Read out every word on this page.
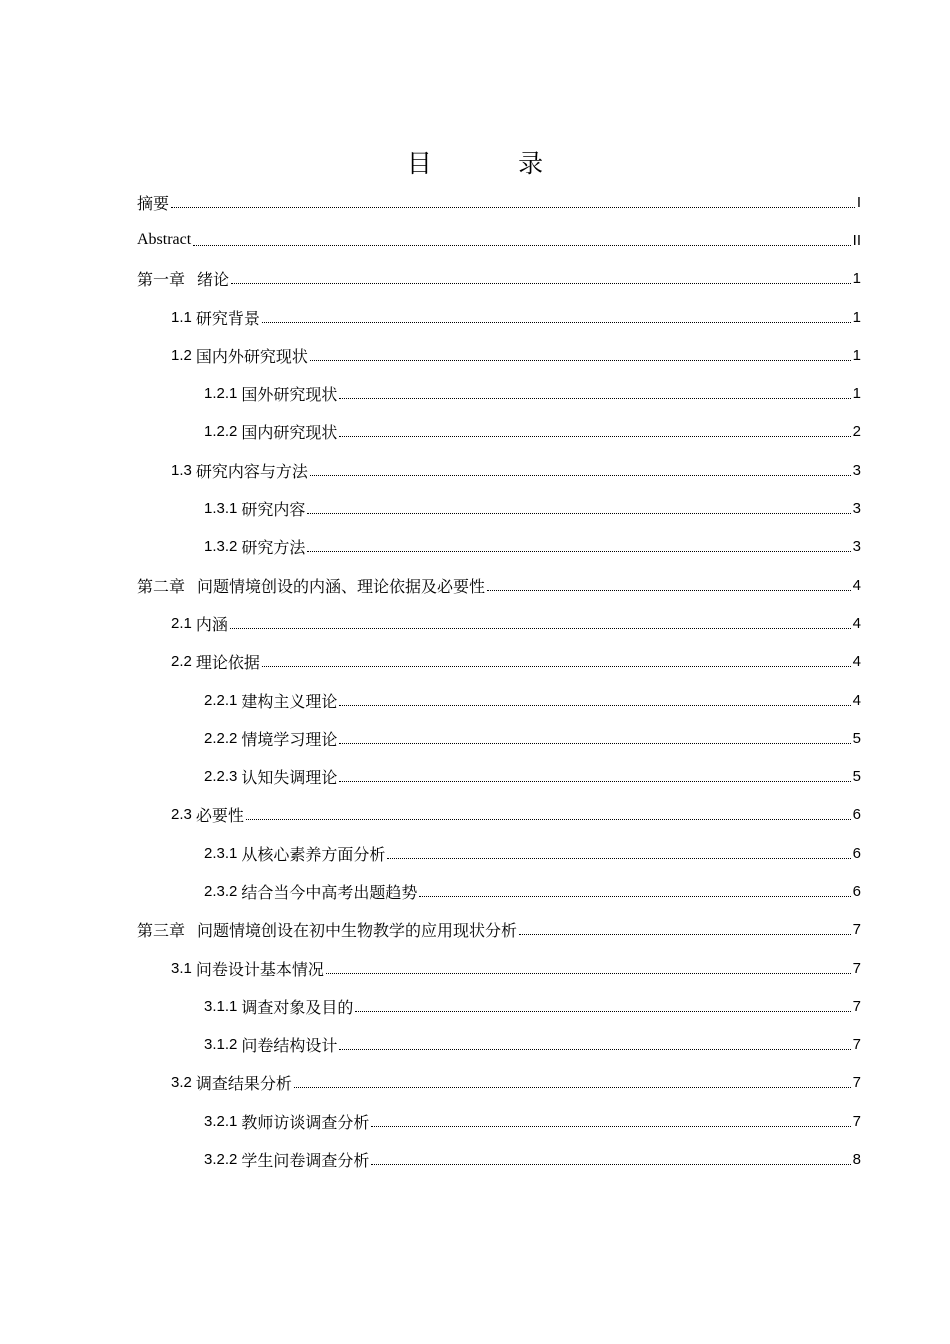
目 录
摘要	I
Abstract	II
第一章 绪论	1
1.1 研究背景	1
1.2 国内外研究现状	1
1.2.1 国外研究现状	1
1.2.2 国内研究现状	2
1.3 研究内容与方法	3
1.3.1 研究内容	3
1.3.2 研究方法	3
第二章 问题情境创设的内涵、理论依据及必要性	4
2.1 内涵	4
2.2 理论依据	4
2.2.1 建构主义理论	4
2.2.2 情境学习理论	5
2.2.3 认知失调理论	5
2.3 必要性	6
2.3.1 从核心素养方面分析	6
2.3.2 结合当今中高考出题趋势	6
第三章 问题情境创设在初中生物教学的应用现状分析	7
3.1 问卷设计基本情况	7
3.1.1 调查对象及目的	7
3.1.2 问卷结构设计	7
3.2 调查结果分析	7
3.2.1 教师访谈调查分析	7
3.2.2 学生问卷调查分析	8
